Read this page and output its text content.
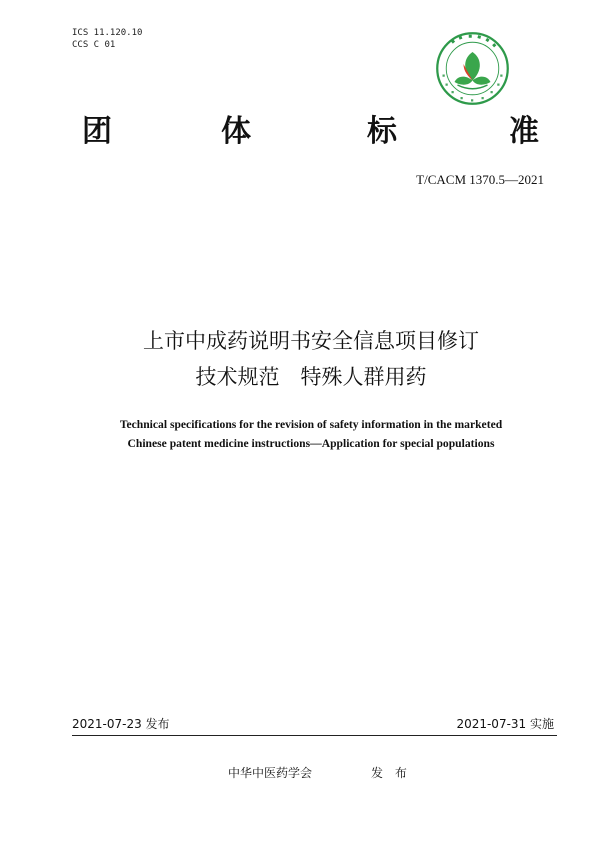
ICS 11.120.10
CCS C 01
团	体	标	准
T/CACM 1370.5—2021
上市中成药说明书安全信息项目修订
技术规范　特殊人群用药
Technical specifications for the revision of safety information in the marketed
Chinese patent medicine instructions—Application for special populations
2021-07-23 发布	2021-07-31 实施
中华中医药学会	发 布
